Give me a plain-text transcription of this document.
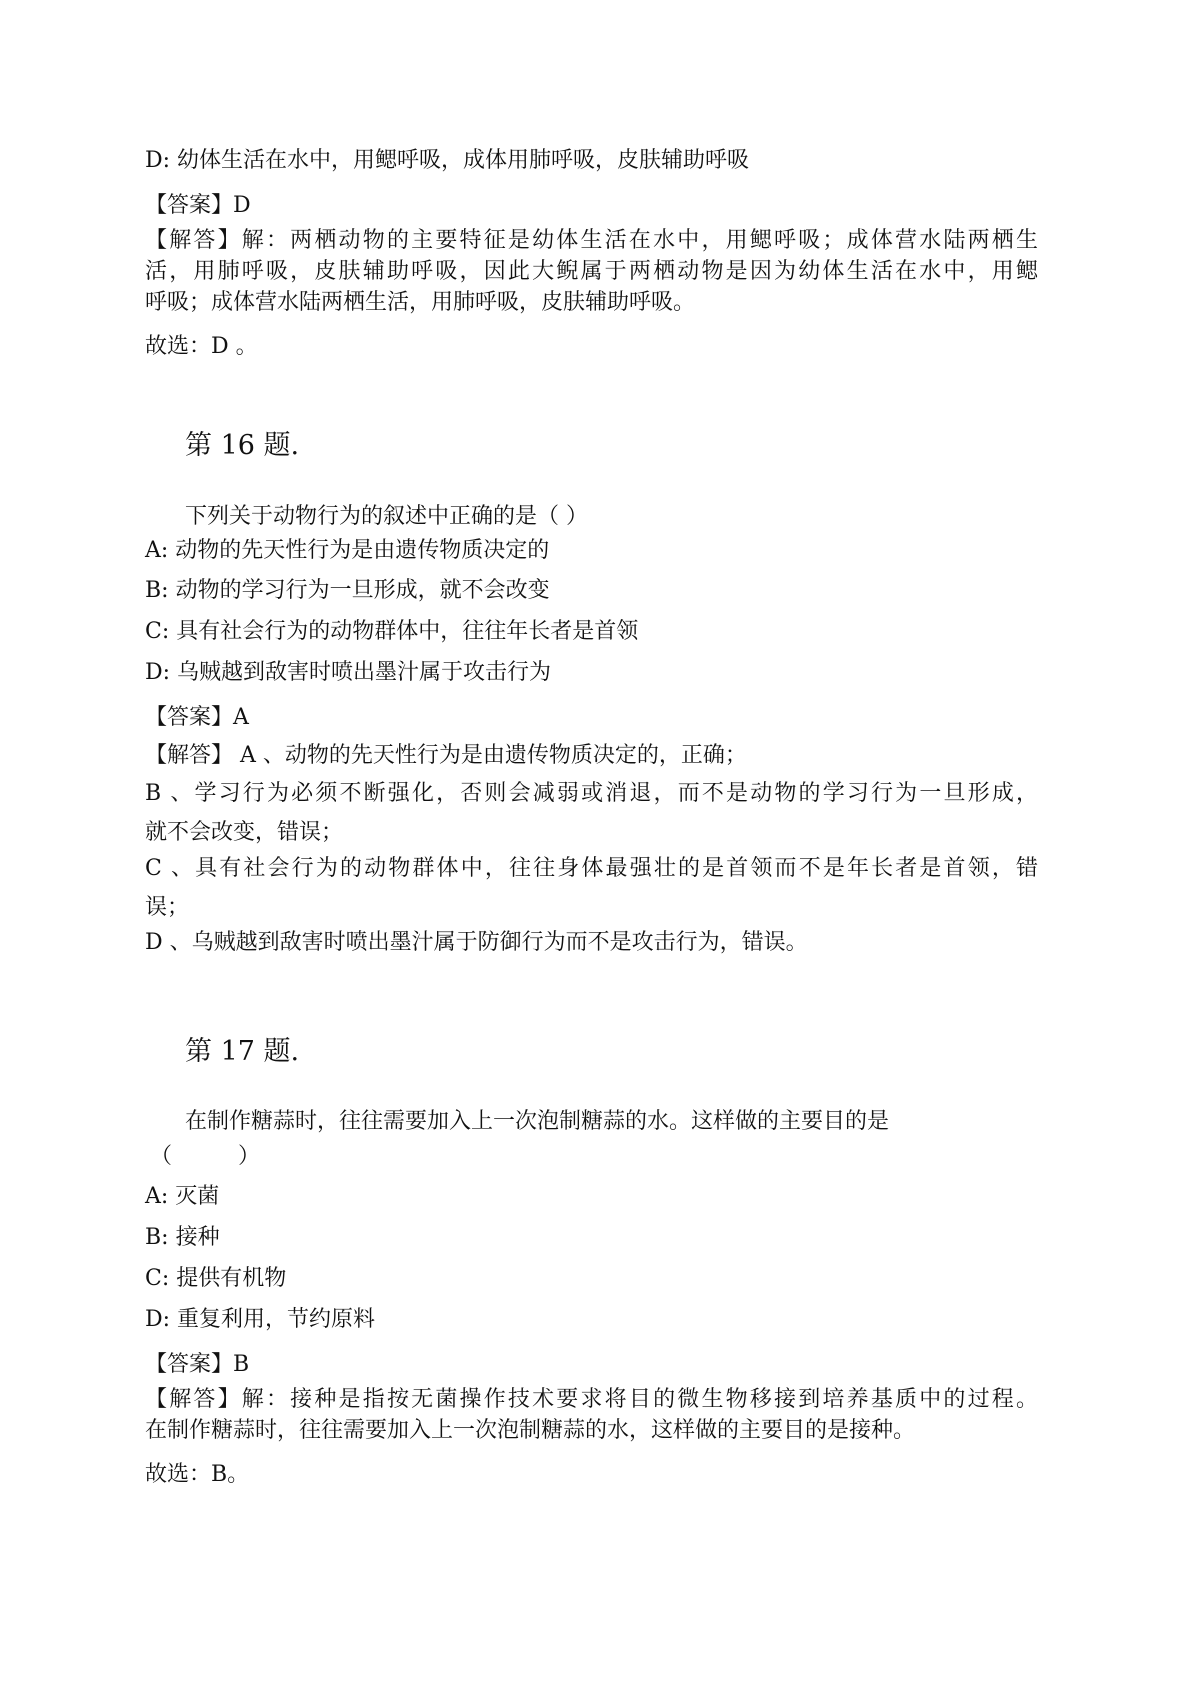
D: 幼体生活在水中，用鳃呼吸，成体用肺呼吸，皮肤辅助呼吸
【答案】D
【解答】解：两栖动物的主要特征是幼体生活在水中，用鳃呼吸；成体营水陆两栖生
活，用肺呼吸，皮肤辅助呼吸，因此大鲵属于两栖动物是因为幼体生活在水中，用鳃
呼吸；成体营水陆两栖生活，用肺呼吸，皮肤辅助呼吸。
故选：D 。
第 16 题.
下列关于动物行为的叙述中正确的是（ ）
A: 动物的先天性行为是由遗传物质决定的
B: 动物的学习行为一旦形成，就不会改变
C: 具有社会行为的动物群体中，往往年长者是首领
D: 乌贼越到敌害时喷出墨汁属于攻击行为
【答案】A
【解答】 A 、动物的先天性行为是由遗传物质决定的，正确；
B 、学习行为必须不断强化，否则会减弱或消退，而不是动物的学习行为一旦形成，
就不会改变，错误；
C 、具有社会行为的动物群体中，往往身体最强壮的是首领而不是年长者是首领，错
误；
D 、乌贼越到敌害时喷出墨汁属于防御行为而不是攻击行为，错误。
第 17 题.
在制作糖蒜时，往往需要加入上一次泡制糖蒜的水。这样做的主要目的是
（　　　）
A: 灭菌
B: 接种
C: 提供有机物
D: 重复利用，节约原料
【答案】B
【解答】解：接种是指按无菌操作技术要求将目的微生物移接到培养基质中的过程。
在制作糖蒜时，往往需要加入上一次泡制糖蒜的水，这样做的主要目的是接种。
故选：B。
